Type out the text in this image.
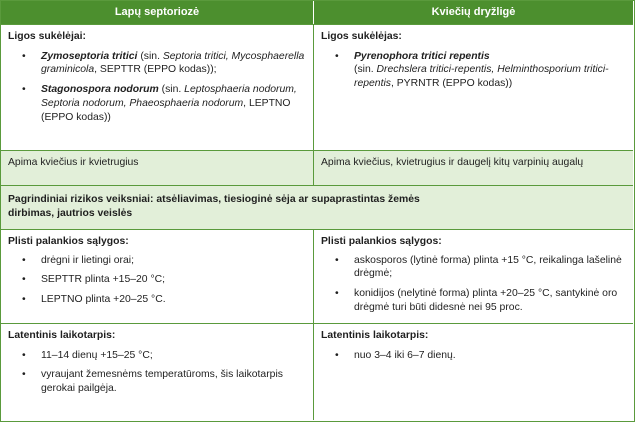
Lapų septoriozė	Kviečių dryžligė
Ligos sukėlėjai:
• Zymoseptoria tritici (sin. Septoria tritici, Mycosphaerella graminicola, SEPTTR (EPPO kodas));
• Stagonospora nodorum (sin. Leptosphaeria nodorum, Septoria nodorum, Phaeosphaeria nodorum, LEPTNO (EPPO kodas))
Ligos sukėlėjas:
• Pyrenophora tritici repentis
(sin. Drechslera tritici-repentis, Helminthosporium tritici-repentis, PYRNTR (EPPO kodas))
Apima kviečius ir kvietrugius	Apima kviečius, kvietrugius ir daugelį kitų varpinių augalų
Pagrindiniai rizikos veiksniai: atsėliavimas, tiesioginė sėja ar supaprastintas žemės dirbimas, jautrios veislės
Plisti palankios sąlygos:
• drėgni ir lietingi orai;
• SEPTTR plinta +15–20 °C;
• LEPTNO plinta +20–25 °C.
Plisti palankios sąlygos:
• askosporos (lytinė forma) plinta +15 °C, reikalinga lašelinė drėgmė;
• konidijos (nelytinė forma) plinta +20–25 °C, santykinė oro drėgmė turi būti didesnė nei 95 proc.
Latentinis laikotarpis:
• 11–14 dienų +15–25 °C;
• vyraujant žemesnėms temperatūroms, šis laikotarpis gerokai pailgėja.
Latentinis laikotarpis:
• nuo 3–4 iki 6–7 dienų.
